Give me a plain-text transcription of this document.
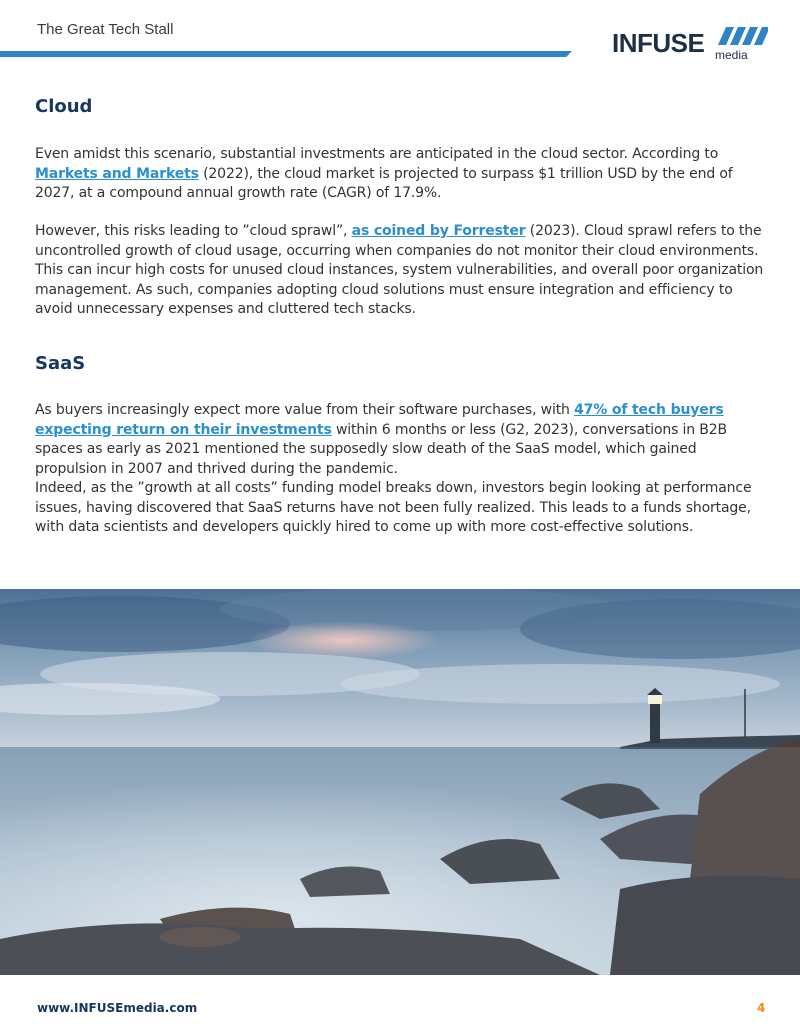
The Great Tech Stall	INFUSE media
Cloud

Even amidst this scenario, substantial investments are anticipated in the cloud sector. According to Markets and Markets (2022), the cloud market is projected to surpass $1 trillion USD by the end of 2027, at a compound annual growth rate (CAGR) of 17.9%.

However, this risks leading to ”cloud sprawl”, as coined by Forrester (2023). Cloud sprawl refers to the uncontrolled growth of cloud usage, occurring when companies do not monitor their cloud environments. This can incur high costs for unused cloud instances, system vulnerabilities, and overall poor organization management. As such, companies adopting cloud solutions must ensure integration and efficiency to avoid unnecessary expenses and cluttered tech stacks.

SaaS

As buyers increasingly expect more value from their software purchases, with 47% of tech buyers expecting return on their investments within 6 months or less (G2, 2023), conversations in B2B spaces as early as 2021 mentioned the supposedly slow death of the SaaS model, which gained propulsion in 2007 and thrived during the pandemic.

Indeed, as the ”growth at all costs” funding model breaks down, investors begin looking at performance issues, having discovered that SaaS returns have not been fully realized. This leads to a funds shortage, with data scientists and developers quickly hired to come up with more cost-effective solutions.

www.INFUSEmedia.com	4
